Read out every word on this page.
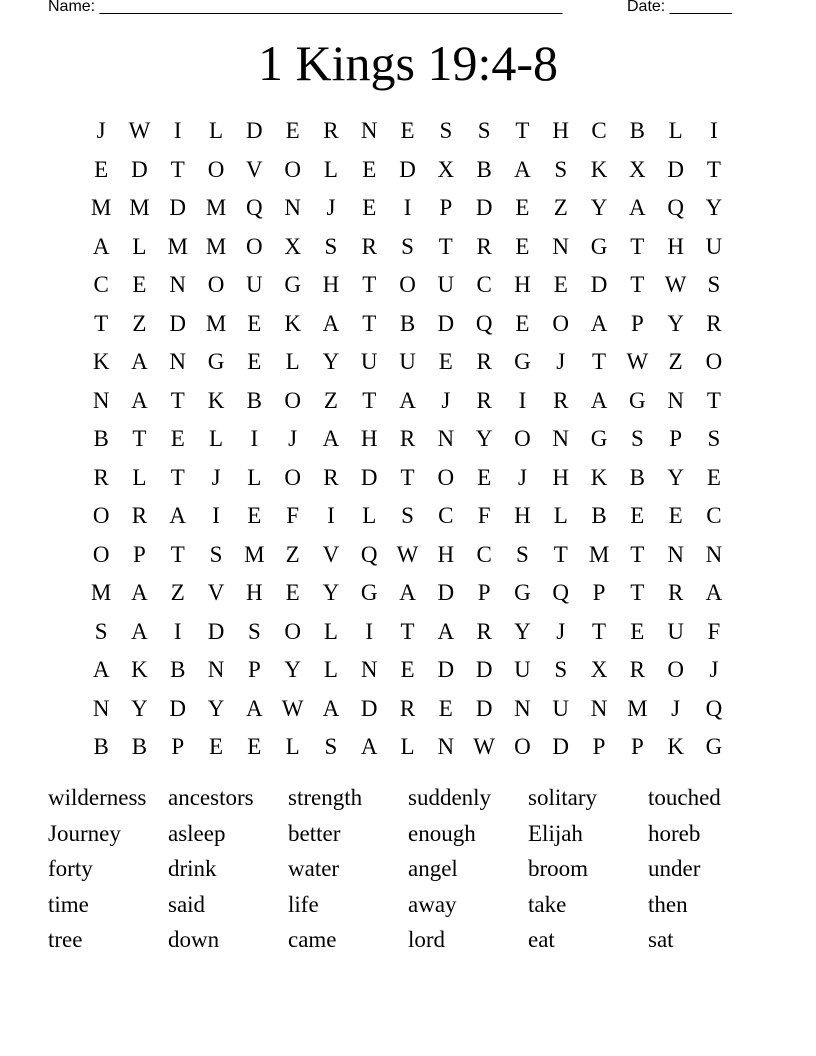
Name: ____________________________________________________	Date: _______
1 Kings 19:4-8
J W	I	L D E	R N E	S	S	T H C B	L	I
E D T O V O L	E D X B A	S	K X D T
M M D M Q N	J	E	I	P	D E	Z Y A Q Y
A L M M O X	S	R	S	T	R	E N G T H U
C	E N O U G H T O U C H E D T W S
T	Z D M E K A T	B D Q E O A	P	Y R
K A N G E	L Y U U E	R G	J	T W Z O
N A T K B O Z	T A	J	R	I	R A G N T
B	T	E	L	I	J	A H R N Y O N G	S	P	S
R	L	T	J	L O R D T O E	J	H K B Y E
O R A	I	E	F	I	L	S	C	F	H L	B	E	E	C
O	P	T	S M Z V Q W H C	S	T M T N N
M A Z V H E Y G A D	P	G Q	P	T	R A
S	A	I	D	S	O L	I	T A R Y	J	T	E U	F
A K B N	P	Y L N E D D U	S	X R O	J
N Y D Y A W A D R	E D N U N M	J	Q
B B	P	E	E	L	S	A L N W O D	P	P	K G
wilderness ancestors strength suddenly solitary touched
Journey asleep	better	enough Elijah	horeb
forty	drink	water	angel	broom	under
time	said	life	away	take	then
tree	down	came	lord	eat	sat
